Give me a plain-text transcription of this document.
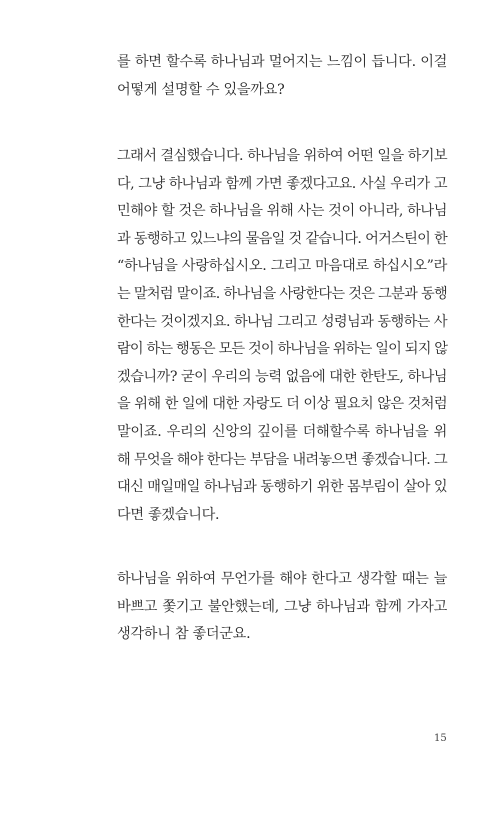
를 하면 할수록 하나님과 멀어지는 느낌이 듭니다. 이걸
어떻게 설명할 수 있을까요?
그래서 결심했습니다. 하나님을 위하여 어떤 일을 하기보
다, 그냥 하나님과 함께 가면 좋겠다고요. 사실 우리가 고
민해야 할 것은 하나님을 위해 사는 것이 아니라, 하나님
과 동행하고 있느냐의 물음일 것 같습니다. 어거스틴이 한
“하나님을 사랑하십시오. 그리고 마음대로 하십시오”라
는 말처럼 말이죠. 하나님을 사랑한다는 것은 그분과 동행
한다는 것이겠지요. 하나님 그리고 성령님과 동행하는 사
람이 하는 행동은 모든 것이 하나님을 위하는 일이 되지 않
겠습니까? 굳이 우리의 능력 없음에 대한 한탄도, 하나님
을 위해 한 일에 대한 자랑도 더 이상 필요치 않은 것처럼
말이죠. 우리의 신앙의 깊이를 더해할수록 하나님을 위
해 무엇을 해야 한다는 부담을 내려놓으면 좋겠습니다. 그
대신 매일매일 하나님과 동행하기 위한 몸부림이 살아 있
다면 좋겠습니다.
하나님을 위하여 무언가를 해야 한다고 생각할 때는 늘
바쁘고 쫓기고 불안했는데, 그냥 하나님과 함께 가자고
생각하니 참 좋더군요.
15
